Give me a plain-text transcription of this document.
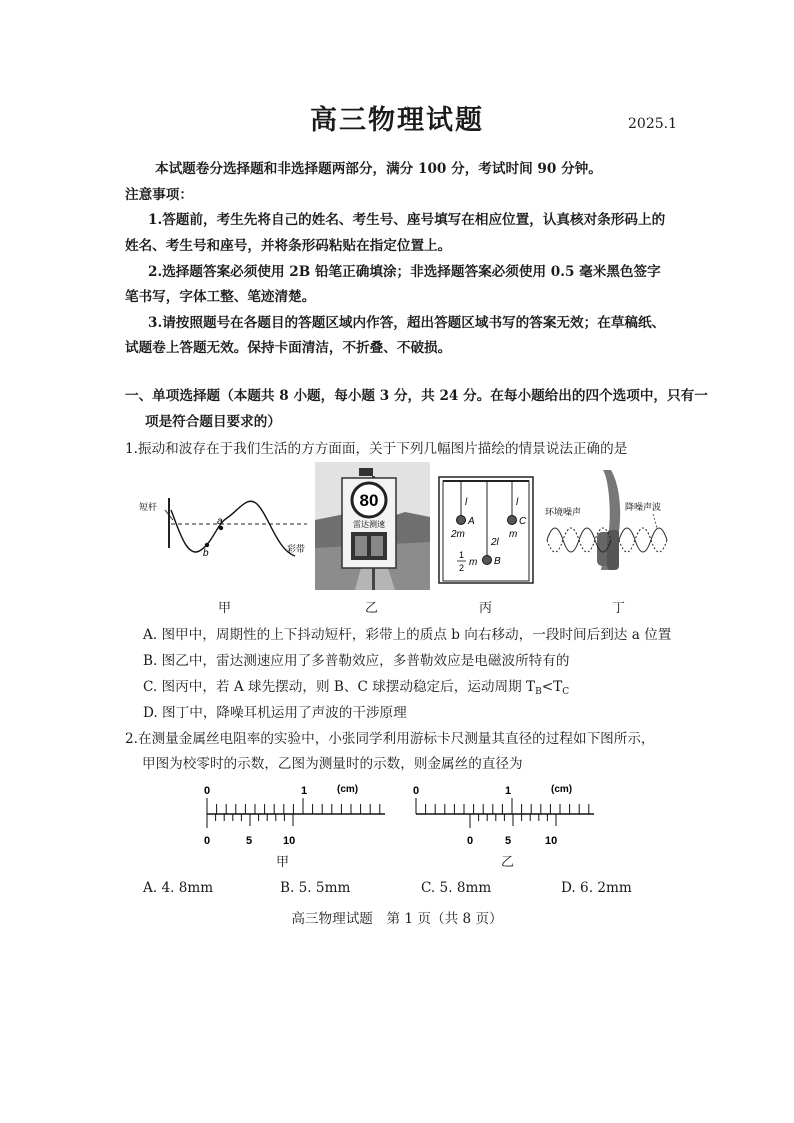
高三物理试题	2025.1
本试题卷分选择题和非选择题两部分，满分 100 分，考试时间 90 分钟。
注意事项：
1.答题前，考生先将自己的姓名、考生号、座号填写在相应位置，认真核对条形码上的
姓名、考生号和座号，并将条形码粘贴在指定位置上。
2.选择题答案必须使用 2B 铅笔正确填涂；非选择题答案必须使用 0.5 毫米黑色签字
笔书写，字体工整、笔迹清楚。
3.请按照题号在各题目的答题区域内作答，超出答题区域书写的答案无效；在草稿纸、
试题卷上答题无效。保持卡面清洁，不折叠、不破损。
一、单项选择题（本题共 8 小题，每小题 3 分，共 24 分。在每小题给出的四个选项中，只有一
项是符合题目要求的）
1.振动和波存在于我们生活的方方面面，关于下列几幅图片描绘的情景说法正确的是
短杆
b
a
彩带
甲
80
雷达测速
乙
l	l
2l
A	C
B
2m	m
1
2 m
丙
环境噪声	降噪声波
丁
A. 图甲中，周期性的上下抖动短杆，彩带上的质点 b 向右移动，一段时间后到达 a 位置
B. 图乙中，雷达测速应用了多普勒效应，多普勒效应是电磁波所特有的
C. 图丙中，若 A 球先摆动，则 B、C 球摆动稳定后，运动周期 $T_B<T_C$
D. 图丁中，降噪耳机运用了声波的干涉原理
2.在测量金属丝电阻率的实验中，小张同学利用游标卡尺测量其直径的过程如下图所示，
甲图为校零时的示数，乙图为测量时的示数，则金属丝的直径为
0	1	(cm)
0	5	10
甲
0	1	(cm)
0	5	10
乙
A. 4. 8mm	B. 5. 5mm	C. 5. 8mm	D. 6. 2mm
高三物理试题　第 1 页（共 8 页）
